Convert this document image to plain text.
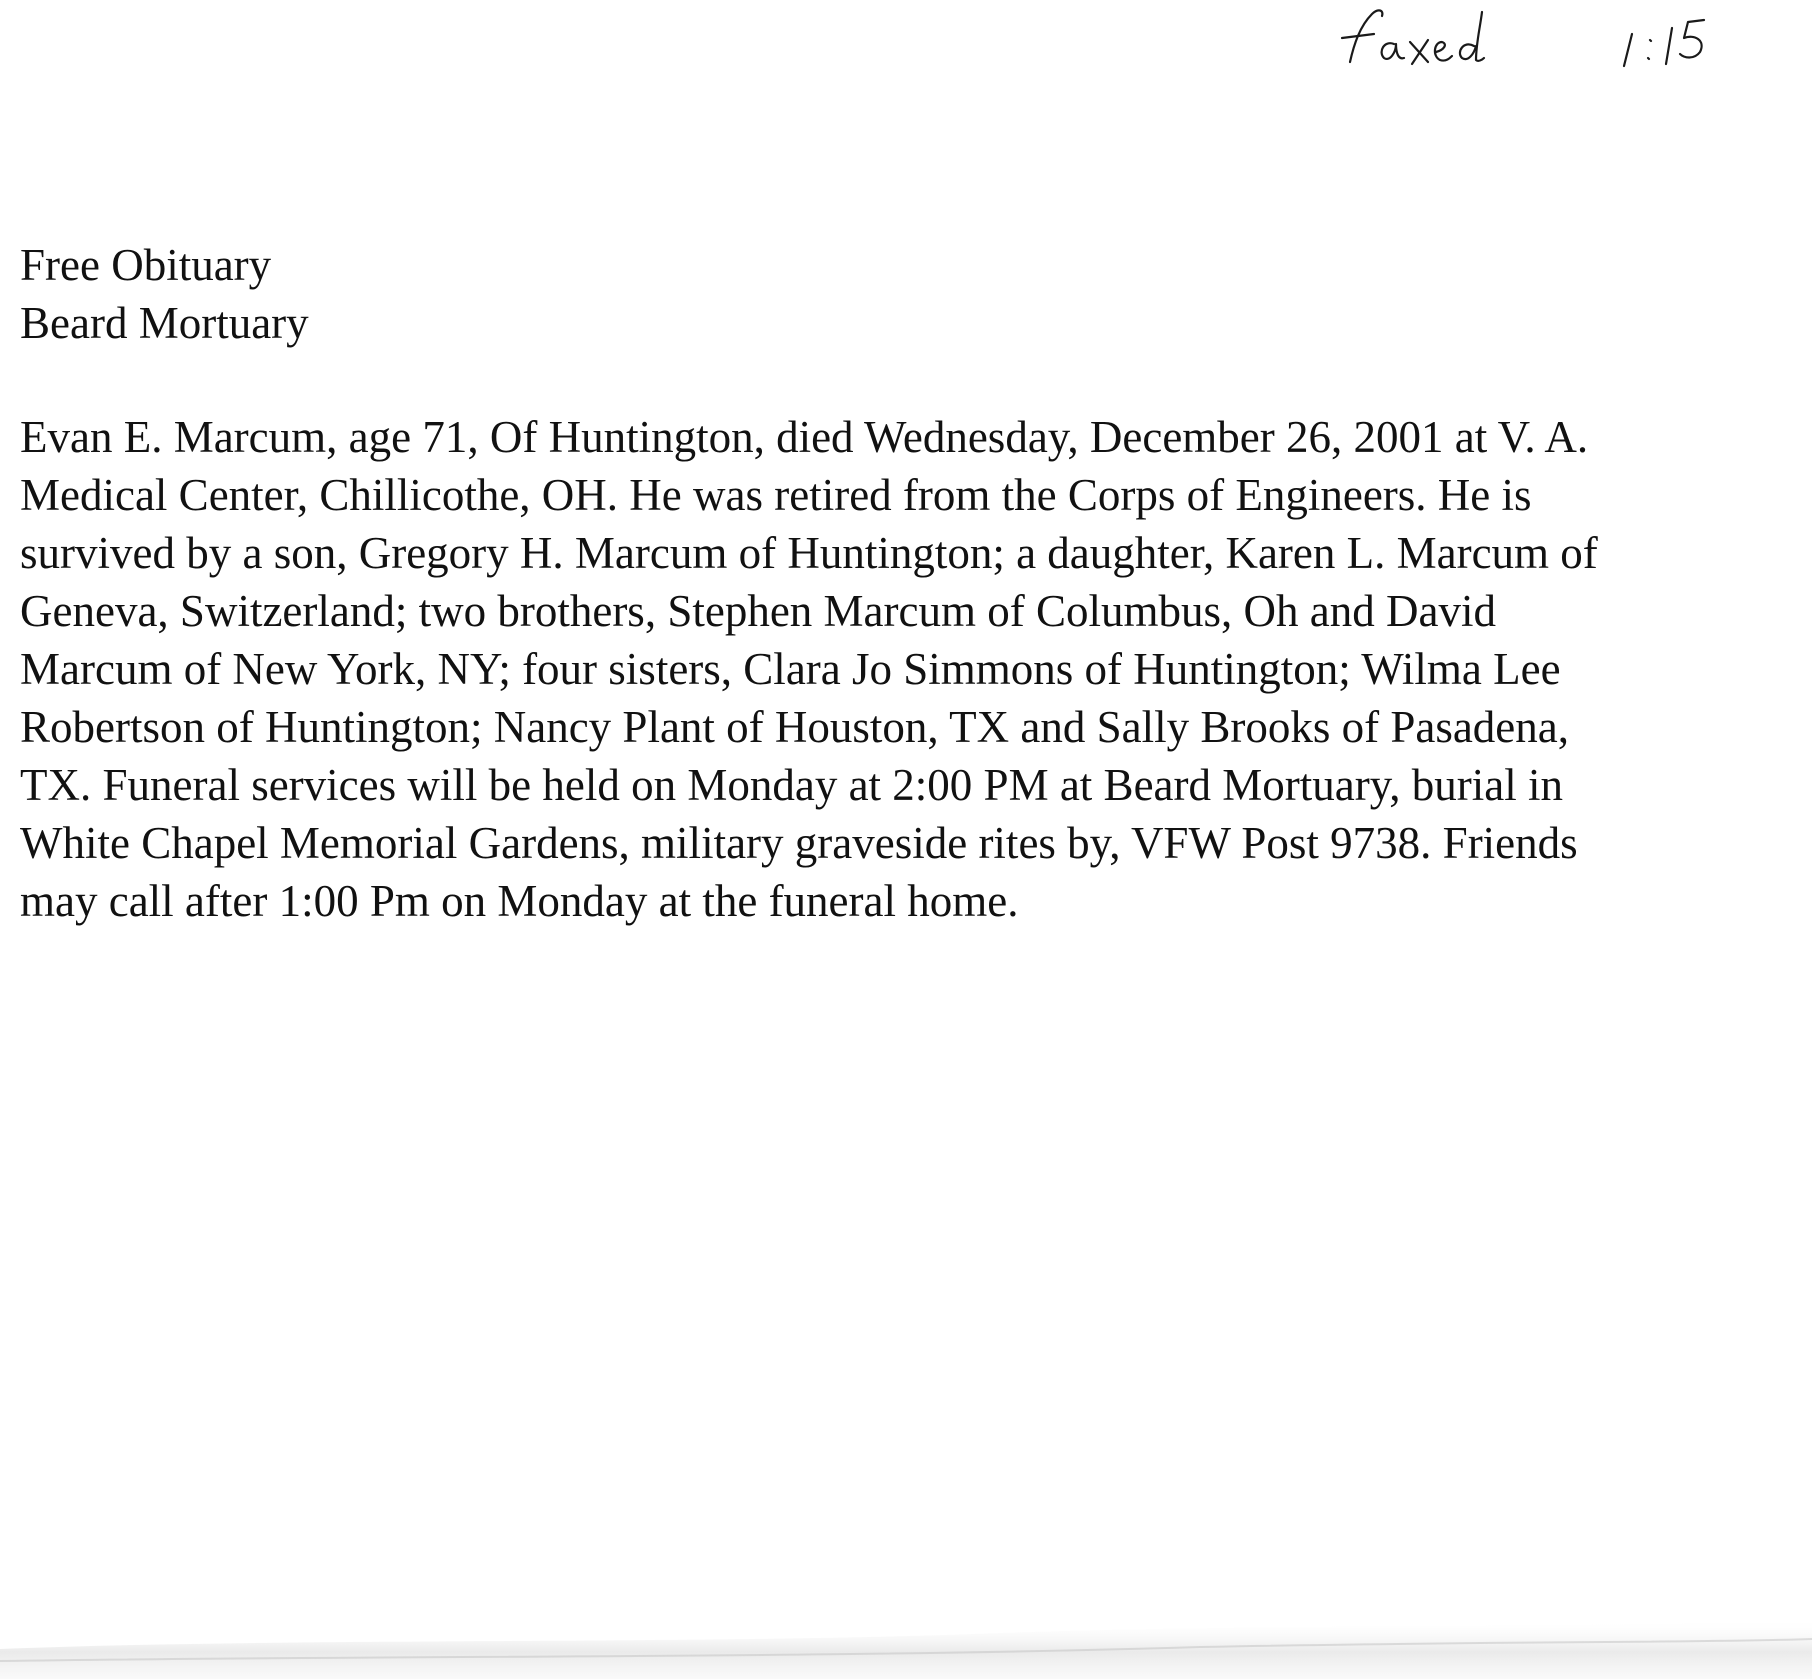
Free Obituary

Beard Mortuary

Evan E. Marcum, age 71, Of Huntington, died Wednesday, December 26, 2001 at V. A.
Medical Center, Chillicothe, OH. He was retired from the Corps of Engineers. He is
survived by a son, Gregory H. Marcum of Huntington; a daughter, Karen L. Marcum of
Geneva, Switzerland; two brothers, Stephen Marcum of Columbus, Oh and David
Marcum of New York, NY; four sisters, Clara Jo Simmons of Huntington; Wilma Lee
Robertson of Huntington; Nancy Plant of Houston, TX and Sally Brooks of Pasadena,
TX. Funeral services will be held on Monday at 2:00 PM at Beard Mortuary, burial in
White Chapel Memorial Gardens, military graveside rites by, VFW Post 9738. Friends
may call after 1:00 Pm on Monday at the funeral home.
